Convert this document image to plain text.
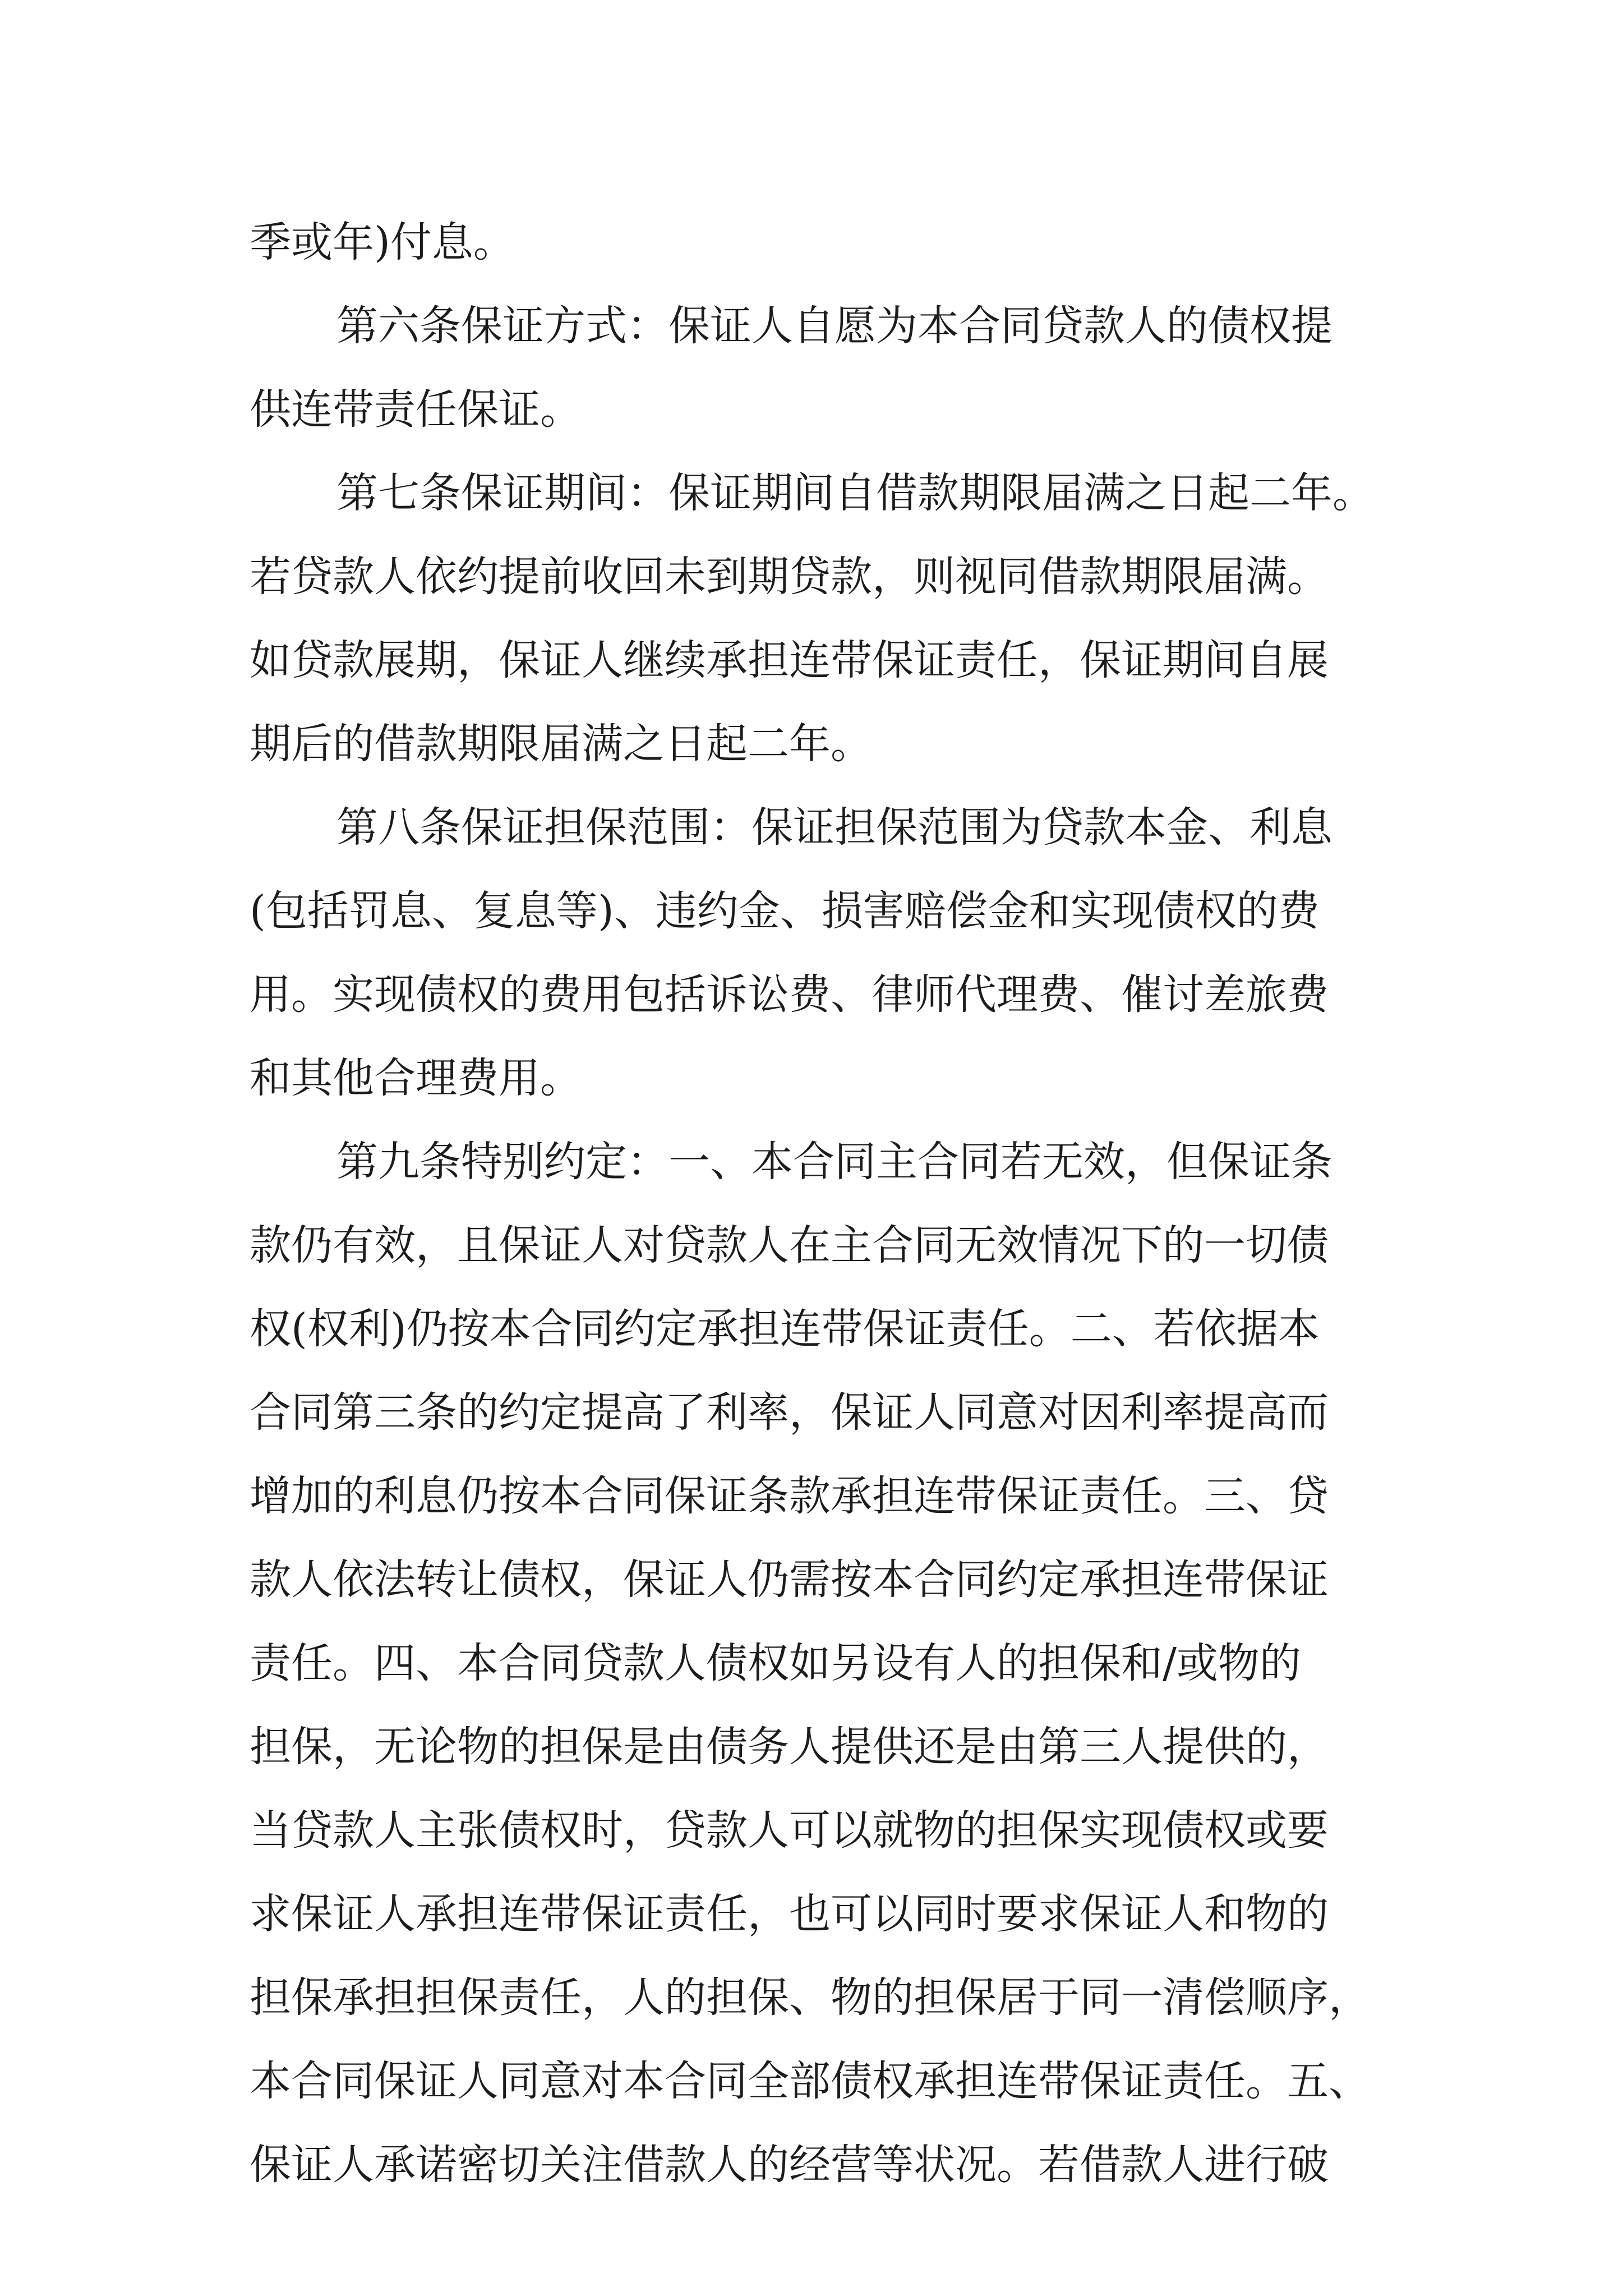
季或年)付息。
第六条保证方式：保证人自愿为本合同贷款人的债权提
供连带责任保证。
第七条保证期间：保证期间自借款期限届满之日起二年。
若贷款人依约提前收回未到期贷款，则视同借款期限届满。
如贷款展期，保证人继续承担连带保证责任，保证期间自展
期后的借款期限届满之日起二年。
第八条保证担保范围：保证担保范围为贷款本金、利息
(包括罚息、复息等)、违约金、损害赔偿金和实现债权的费
用。实现债权的费用包括诉讼费、律师代理费、催讨差旅费
和其他合理费用。
第九条特别约定：一、本合同主合同若无效，但保证条
款仍有效，且保证人对贷款人在主合同无效情况下的一切债
权(权利)仍按本合同约定承担连带保证责任。二、若依据本
合同第三条的约定提高了利率，保证人同意对因利率提高而
增加的利息仍按本合同保证条款承担连带保证责任。三、贷
款人依法转让债权，保证人仍需按本合同约定承担连带保证
责任。四、本合同贷款人债权如另设有人的担保和/或物的
担保，无论物的担保是由债务人提供还是由第三人提供的，
当贷款人主张债权时，贷款人可以就物的担保实现债权或要
求保证人承担连带保证责任，也可以同时要求保证人和物的
担保承担担保责任，人的担保、物的担保居于同一清偿顺序，
本合同保证人同意对本合同全部债权承担连带保证责任。五、
保证人承诺密切关注借款人的经营等状况。若借款人进行破
